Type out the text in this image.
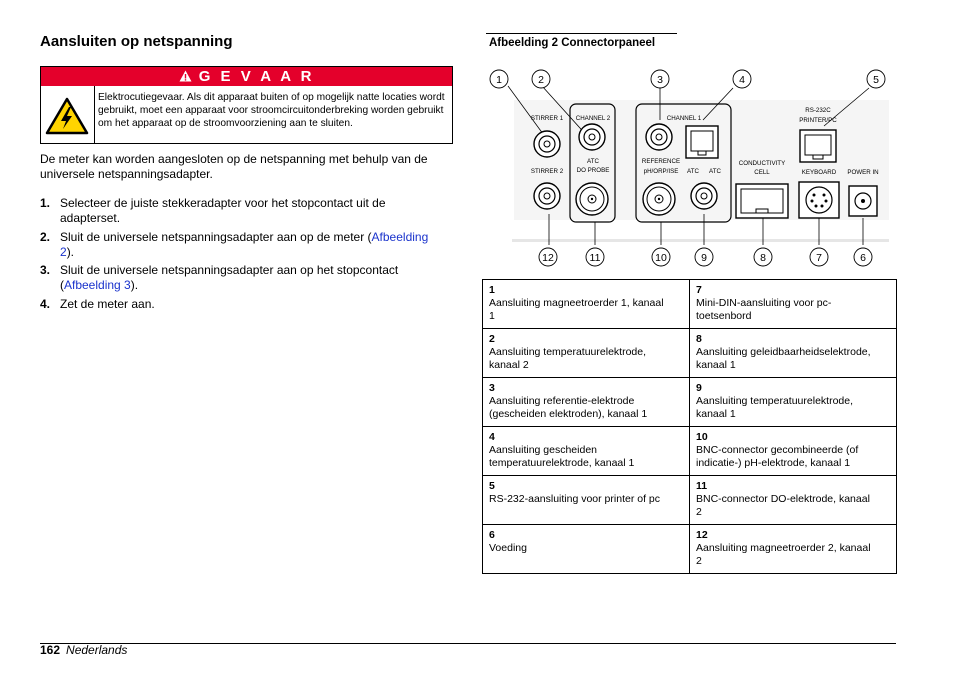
Aansluiten op netspanning
G E V A A R
Elektrocutiegevaar. Als dit apparaat buiten of op mogelijk natte locaties wordt gebruikt, moet een apparaat voor stroomcircuitonderbreking worden gebruikt om het apparaat op de stroomvoorziening aan te sluiten.

De meter kan worden aangesloten op de netspanning met behulp van de universele netspanningsadapter.

1. Selecteer de juiste stekkeradapter voor het stopcontact uit de adapterset.
2. Sluit de universele netspanningsadapter aan op de meter (Afbeelding 2).
3. Sluit de universele netspanningsadapter aan op het stopcontact (Afbeelding 3).
4. Zet de meter aan.
Afbeelding 2 Connectorpaneel
STIRRER 1
STIRRER 2
CHANNEL 2
ATC
DO PROBE
CHANNEL 1
REFERENCE
pH/ORP/ISE ATC ATC
CONDUCTIVITY
CELL
RS-232C
PRINTER/PC
KEYBOARD POWER IN
1	2	3	4	5
12	11	10	9	8	7	6
1Aansluiting magneetroerder 1, kanaal 1	7Mini-DIN-aansluiting voor pc-toetsenbord
2Aansluiting temperatuurelektrode, kanaal 2	8Aansluiting geleidbaarheidselektrode, kanaal 1
3Aansluiting referentie-elektrode (gescheiden elektroden), kanaal 1	9Aansluiting temperatuurelektrode, kanaal 1
4Aansluiting gescheiden temperatuurelektrode, kanaal 1	10BNC-connector gecombineerde (of indicatie-) pH-elektrode, kanaal 1
5RS-232-aansluiting voor printer of pc	11BNC-connector DO-elektrode, kanaal 2
6Voeding	12Aansluiting magneetroerder 2, kanaal 2
162 Nederlands
